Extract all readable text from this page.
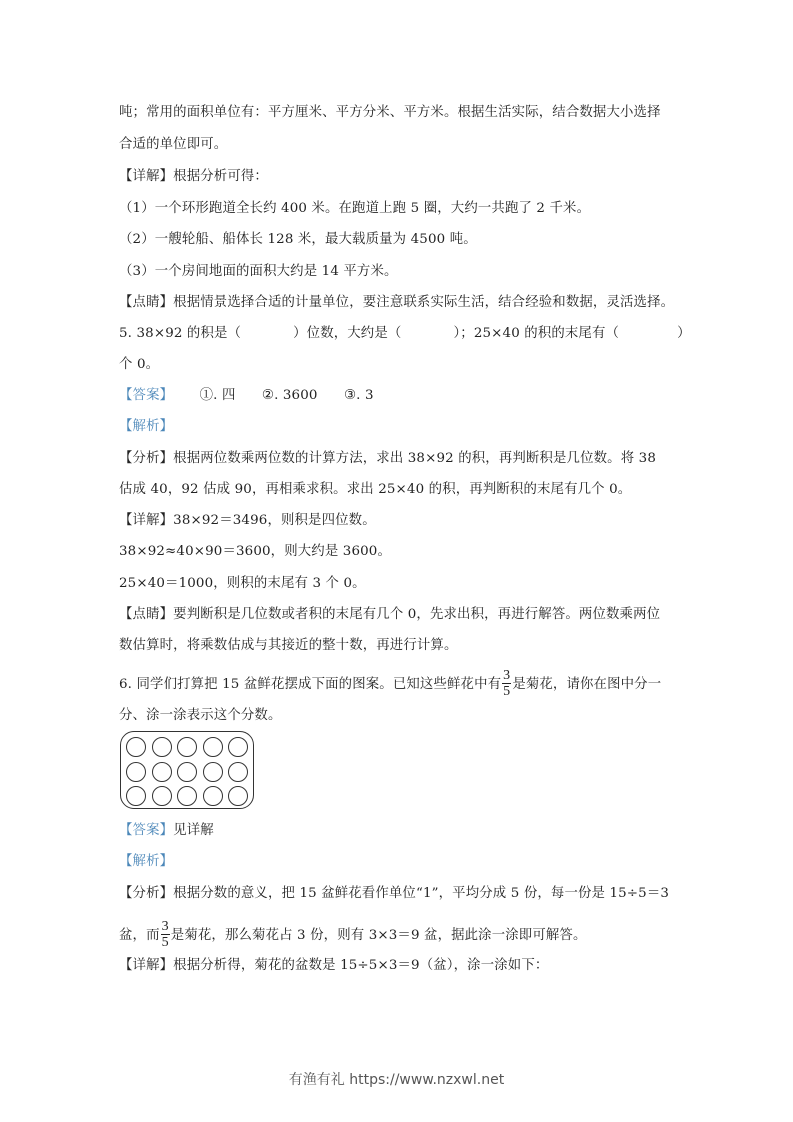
吨；常用的面积单位有：平方厘米、平方分米、平方米。根据生活实际，结合数据大小选择
合适的单位即可。
【详解】根据分析可得：
（1）一个环形跑道全长约 400 米。在跑道上跑 5 圈，大约一共跑了 2 千米。
（2）一艘轮船、船体长 128 米，最大载质量为 4500 吨。
（3）一个房间地面的面积大约是 14 平方米。
【点睛】根据情景选择合适的计量单位，要注意联系实际生活，结合经验和数据，灵活选择。
5. 38×92 的积是（	）位数，大约是（	）；25×40 的积的末尾有（	）
个 0。
【答案】 ①. 四 ②. 3600 ③. 3
【解析】
【分析】根据两位数乘两位数的计算方法，求出 38×92 的积，再判断积是几位数。将 38
估成 40，92 估成 90，再相乘求积。求出 25×40 的积，再判断积的末尾有几个 0。
【详解】38×92＝3496，则积是四位数。
38×92≈40×90＝3600，则大约是 3600。
25×40＝1000，则积的末尾有 3 个 0。
【点睛】要判断积是几位数或者积的末尾有几个 0，先求出积，再进行解答。两位数乘两位
数估算时，将乘数估成与其接近的整十数，再进行计算。
6. 同学们打算把 15 盆鲜花摆成下面的图案。已知这些鲜花中有 $\frac{3}{5}$ 是菊花，请你在图中分一
分、涂一涂表示这个分数。
【答案】见详解
【解析】
【分析】根据分数的意义，把 15 盆鲜花看作单位“1”，平均分成 5 份，每一份是 15÷5＝3
盆，而 $\frac{3}{5}$ 是菊花，那么菊花占 3 份，则有 3×3＝9 盆，据此涂一涂即可解答。
【详解】根据分析得，菊花的盆数是 15÷5×3＝9（盆），涂一涂如下：
有渔有礼 https://www.nzxwl.net
